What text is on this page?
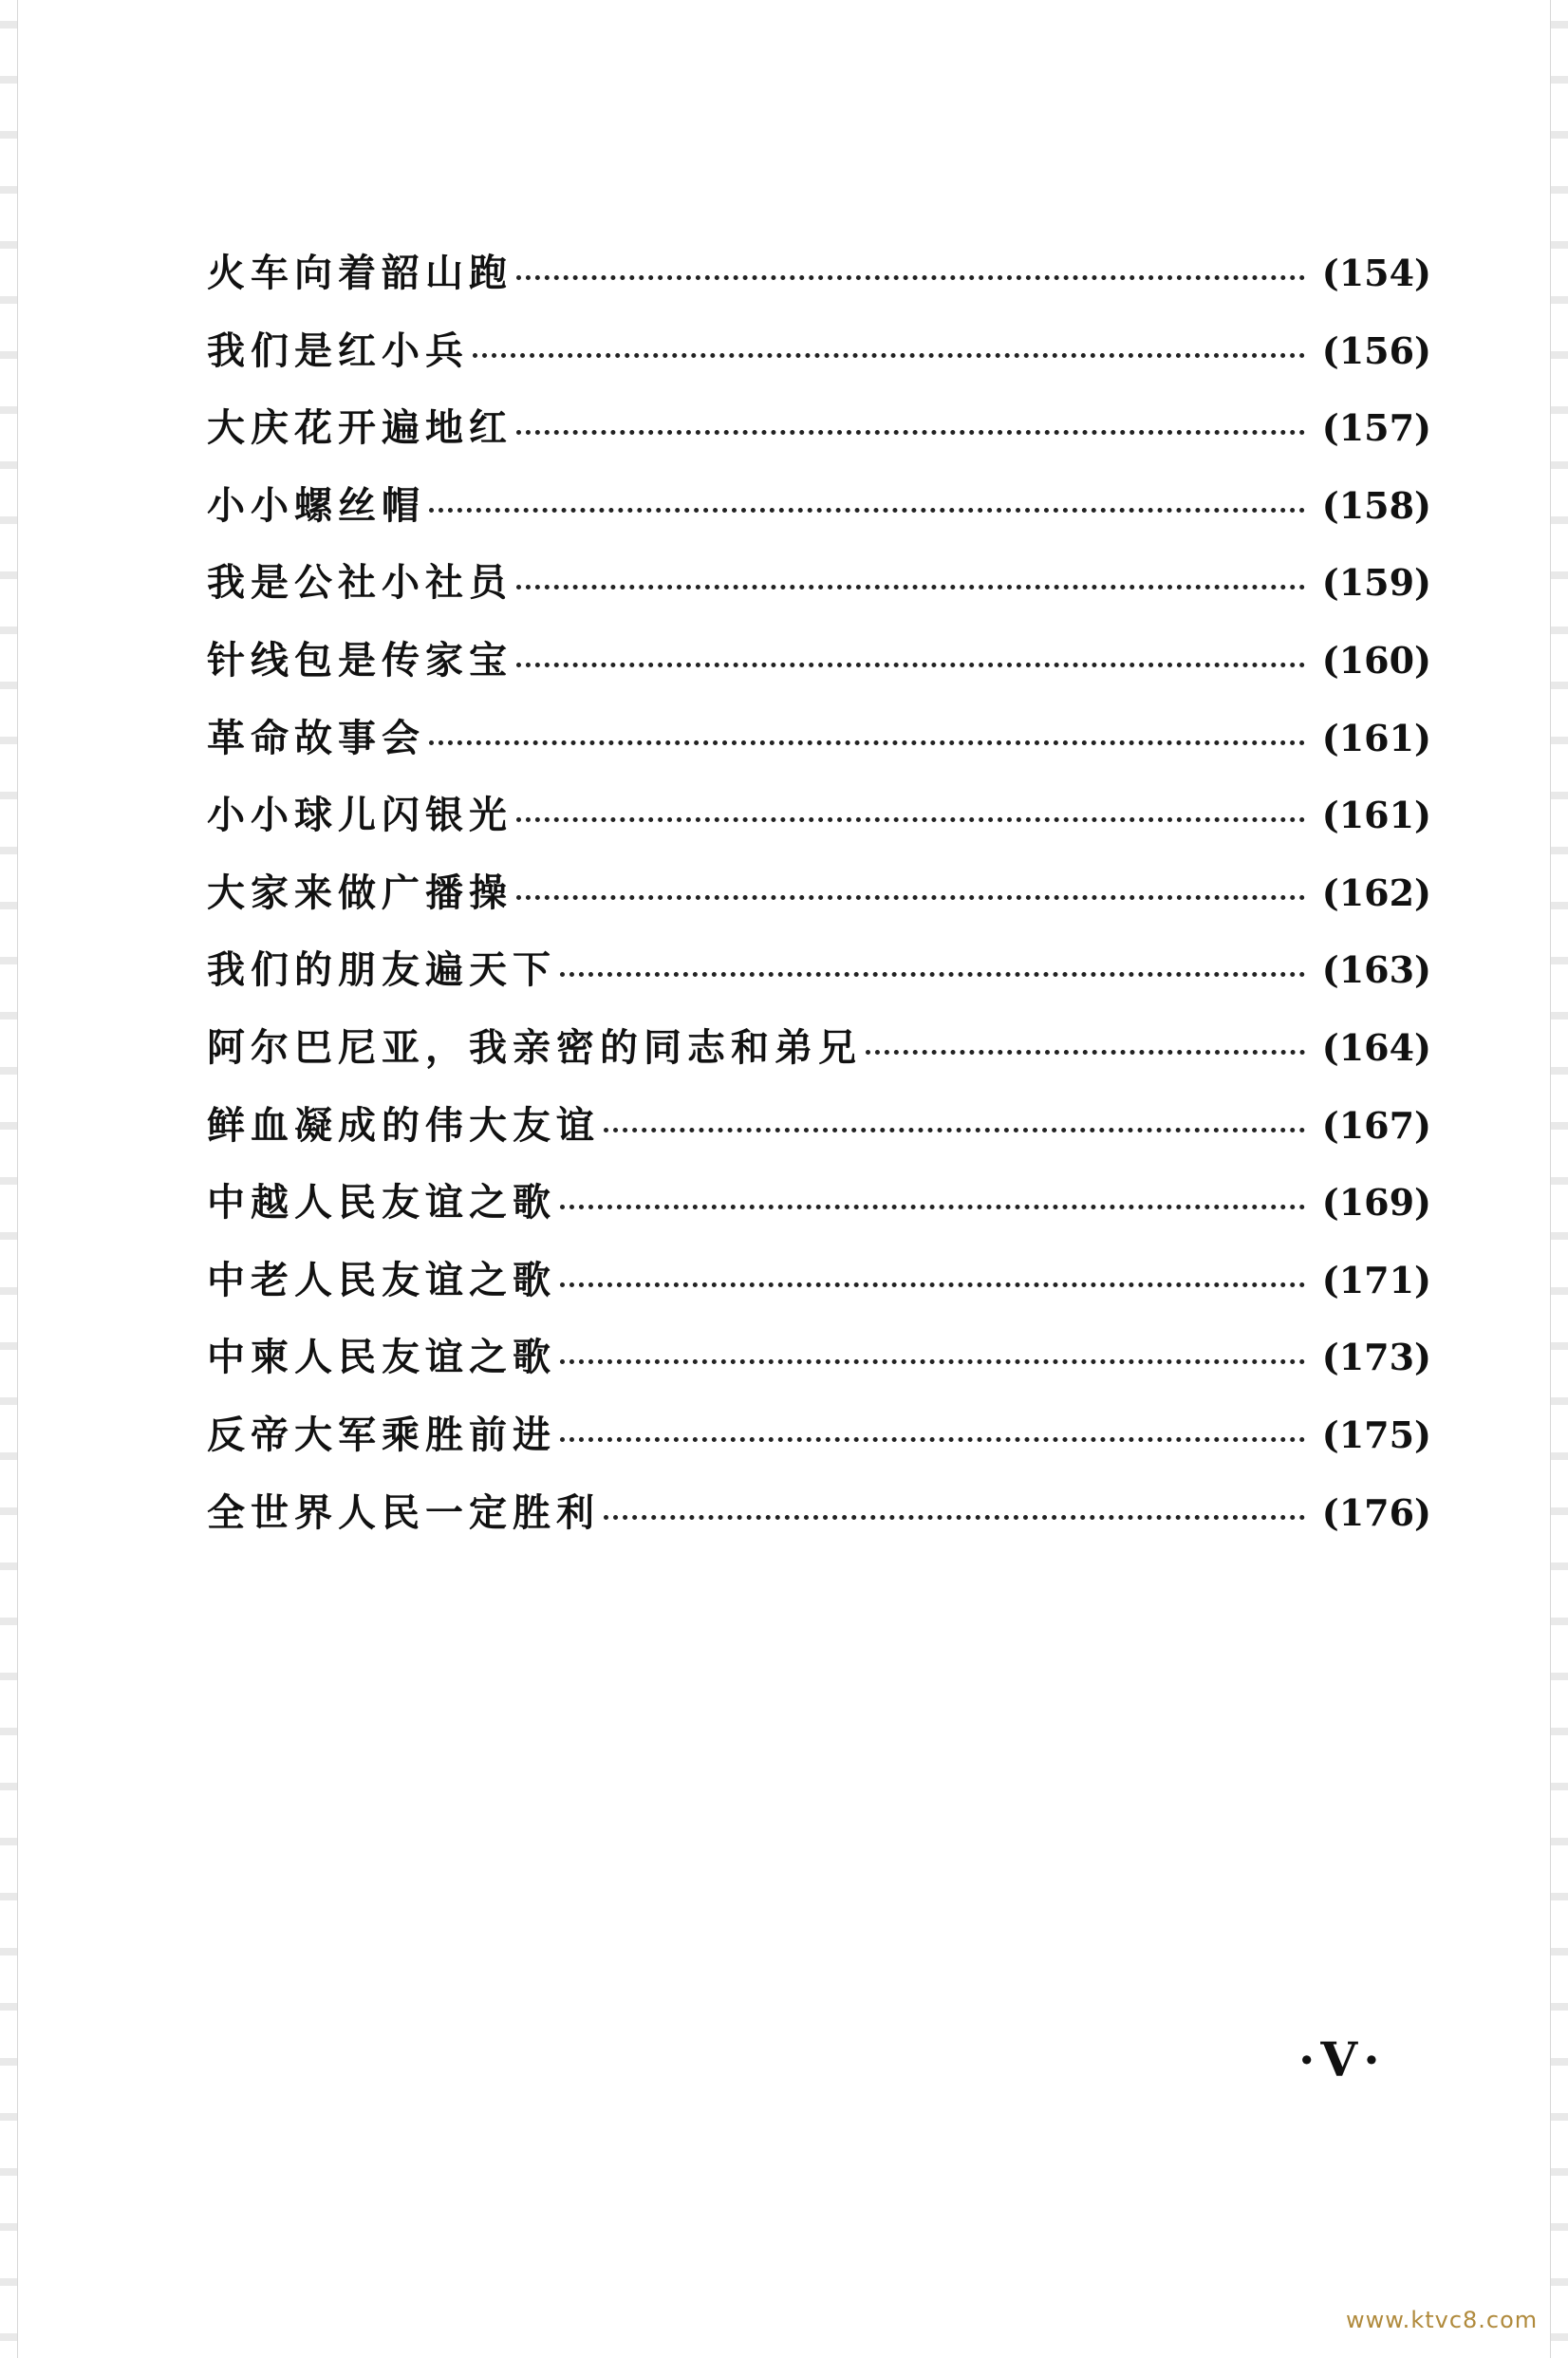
火车向着韶山跑	(154)
我们是红小兵	(156)
大庆花开遍地红	(157)
小小螺丝帽	(158)
我是公社小社员	(159)
针线包是传家宝	(160)
革命故事会	(161)
小小球儿闪银光	(161)
大家来做广播操	(162)
我们的朋友遍天下	(163)
阿尔巴尼亚，我亲密的同志和弟兄	(164)
鲜血凝成的伟大友谊	(167)
中越人民友谊之歌	(169)
中老人民友谊之歌	(171)
中柬人民友谊之歌	(173)
反帝大军乘胜前进	(175)
全世界人民一定胜利	(176)
·V·
www.ktvc8.com
